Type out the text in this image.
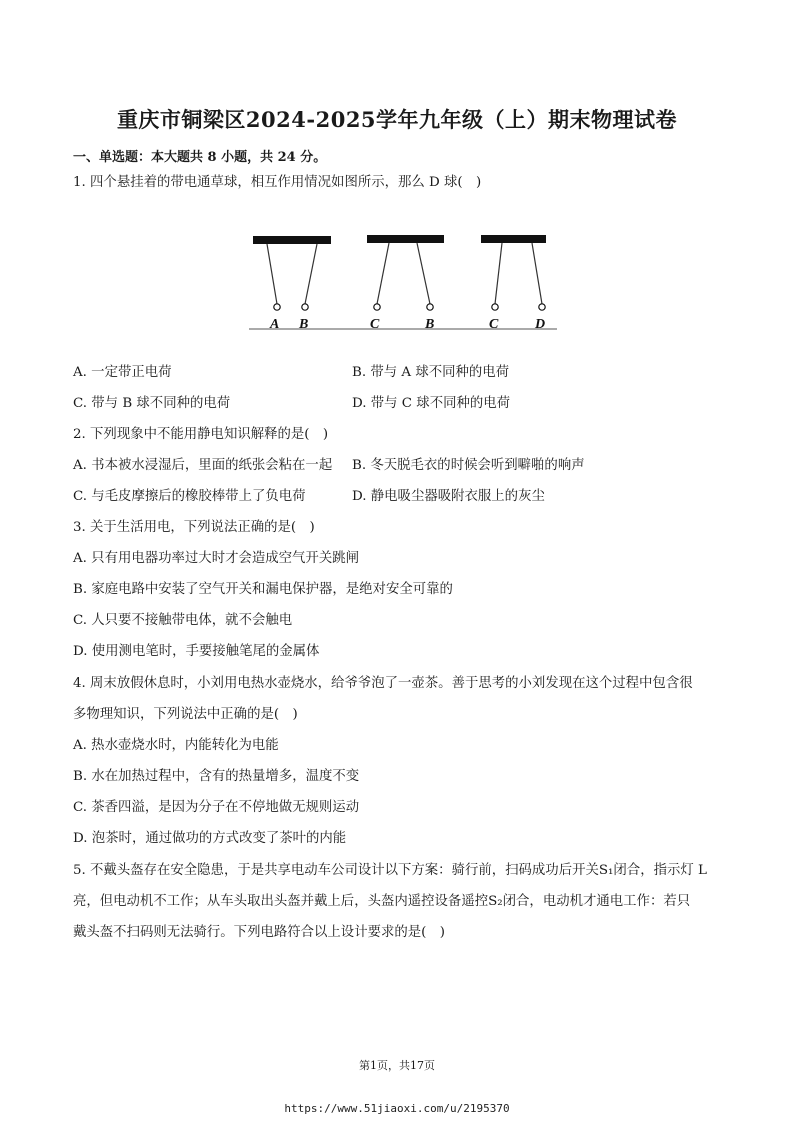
重庆市铜梁区2024-2025学年九年级（上）期末物理试卷
一、单选题：本大题共 8 小题，共 24 分。
1. 四个悬挂着的带电通草球，相互作用情况如图所示，那么 D 球(　)
A B	C	B	C	D
A. 一定带正电荷	B. 带与 A 球不同种的电荷
C. 带与 B 球不同种的电荷	D. 带与 C 球不同种的电荷
2. 下列现象中不能用静电知识解释的是(　)
A. 书本被水浸湿后，里面的纸张会粘在一起 B. 冬天脱毛衣的时候会听到噼啪的响声
C. 与毛皮摩擦后的橡胶棒带上了负电荷	D. 静电吸尘器吸附衣服上的灰尘
3. 关于生活用电，下列说法正确的是(　)
A. 只有用电器功率过大时才会造成空气开关跳闸
B. 家庭电路中安装了空气开关和漏电保护器，是绝对安全可靠的
C. 人只要不接触带电体，就不会触电
D. 使用测电笔时，手要接触笔尾的金属体
4. 周末放假休息时，小刘用电热水壶烧水，给爷爷泡了一壶茶。善于思考的小刘发现在这个过程中包含很
多物理知识，下列说法中正确的是(　)
A. 热水壶烧水时，内能转化为电能
B. 水在加热过程中，含有的热量增多，温度不变
C. 茶香四溢，是因为分子在不停地做无规则运动
D. 泡茶时，通过做功的方式改变了茶叶的内能
5. 不戴头盔存在安全隐患，于是共享电动车公司设计以下方案：骑行前，扫码成功后开关S₁闭合，指示灯 L
亮，但电动机不工作；从车头取出头盔并戴上后，头盔内遥控设备遥控S₂闭合，电动机才通电工作：若只
戴头盔不扫码则无法骑行。下列电路符合以上设计要求的是(　)
第1页，共17页
https://www.51jiaoxi.com/u/2195370
